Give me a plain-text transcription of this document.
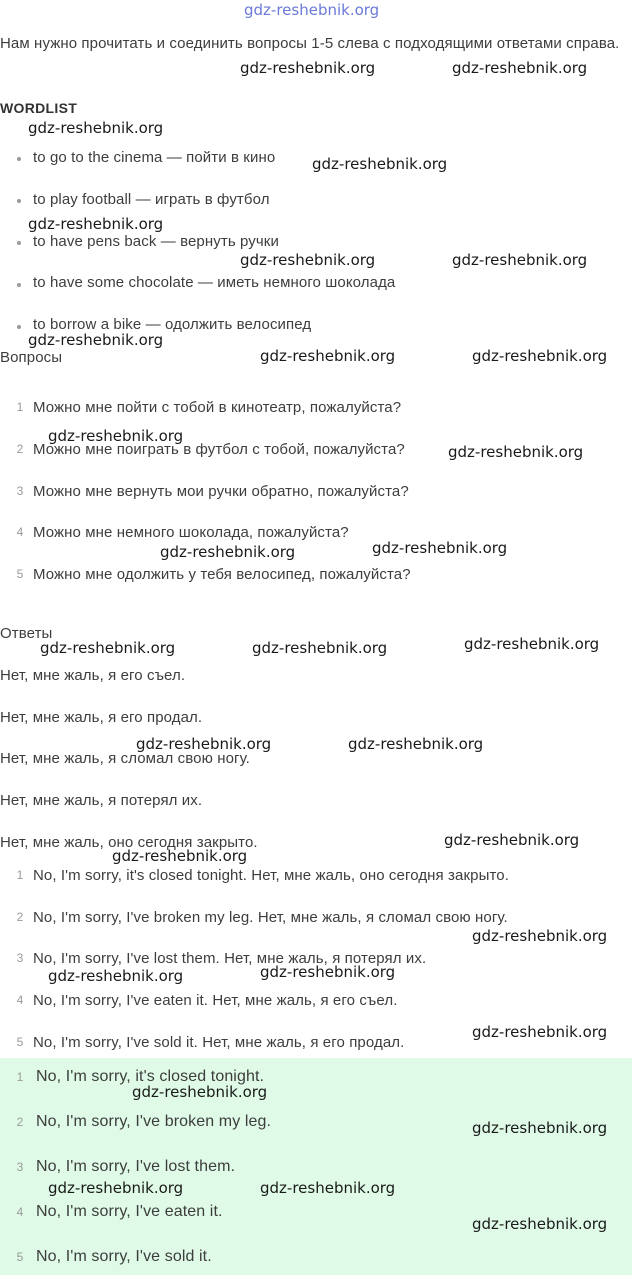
gdz-reshebnik.org
Нам нужно прочитать и соединить вопросы 1-5 слева с подходящими ответами справа.
WORDLIST
to go to the cinema — пойти в кино
to play football — играть в футбол
to have pens back — вернуть ручки
to have some chocolate — иметь немного шоколада
to borrow a bike — одолжить велосипед
Вопросы
1 Можно мне пойти с тобой в кинотеатр, пожалуйста?
2 Можно мне поиграть в футбол с тобой, пожалуйста?
3 Можно мне вернуть мои ручки обратно, пожалуйста?
4 Можно мне немного шоколада, пожалуйста?
5 Можно мне одолжить у тебя велосипед, пожалуйста?
Ответы
Нет, мне жаль, я его съел.
Нет, мне жаль, я его продал.
Нет, мне жаль, я сломал свою ногу.
Нет, мне жаль, я потерял их.
Нет, мне жаль, оно сегодня закрыто.
1 No, I'm sorry, it's closed tonight. Нет, мне жаль, оно сегодня закрыто.
2 No, I'm sorry, I've broken my leg. Нет, мне жаль, я сломал свою ногу.
3 No, I'm sorry, I've lost them. Нет, мне жаль, я потерял их.
4 No, I'm sorry, I've eaten it. Нет, мне жаль, я его съел.
5 No, I'm sorry, I've sold it. Нет, мне жаль, я его продал.
1 No, I'm sorry, it's closed tonight.
2 No, I'm sorry, I've broken my leg.
3 No, I'm sorry, I've lost them.
4 No, I'm sorry, I've eaten it.
5 No, I'm sorry, I've sold it.
gdz-reshebnik.org	gdz-reshebnik.org
gdz-reshebnik.org
gdz-reshebnik.org
gdz-reshebnik.org
gdz-reshebnik.org	gdz-reshebnik.org
gdz-reshebnik.org
gdz-reshebnik.org	gdz-reshebnik.org
gdz-reshebnik.org
gdz-reshebnik.org
gdz-reshebnik.org	gdz-reshebnik.org
gdz-reshebnik.org	gdz-reshebnik.org	gdz-reshebnik.org
gdz-reshebnik.org	gdz-reshebnik.org
gdz-reshebnik.org
gdz-reshebnik.org
gdz-reshebnik.org
gdz-reshebnik.org	gdz-reshebnik.org
gdz-reshebnik.org
gdz-reshebnik.org
gdz-reshebnik.org
gdz-reshebnik.org	gdz-reshebnik.org
gdz-reshebnik.org
